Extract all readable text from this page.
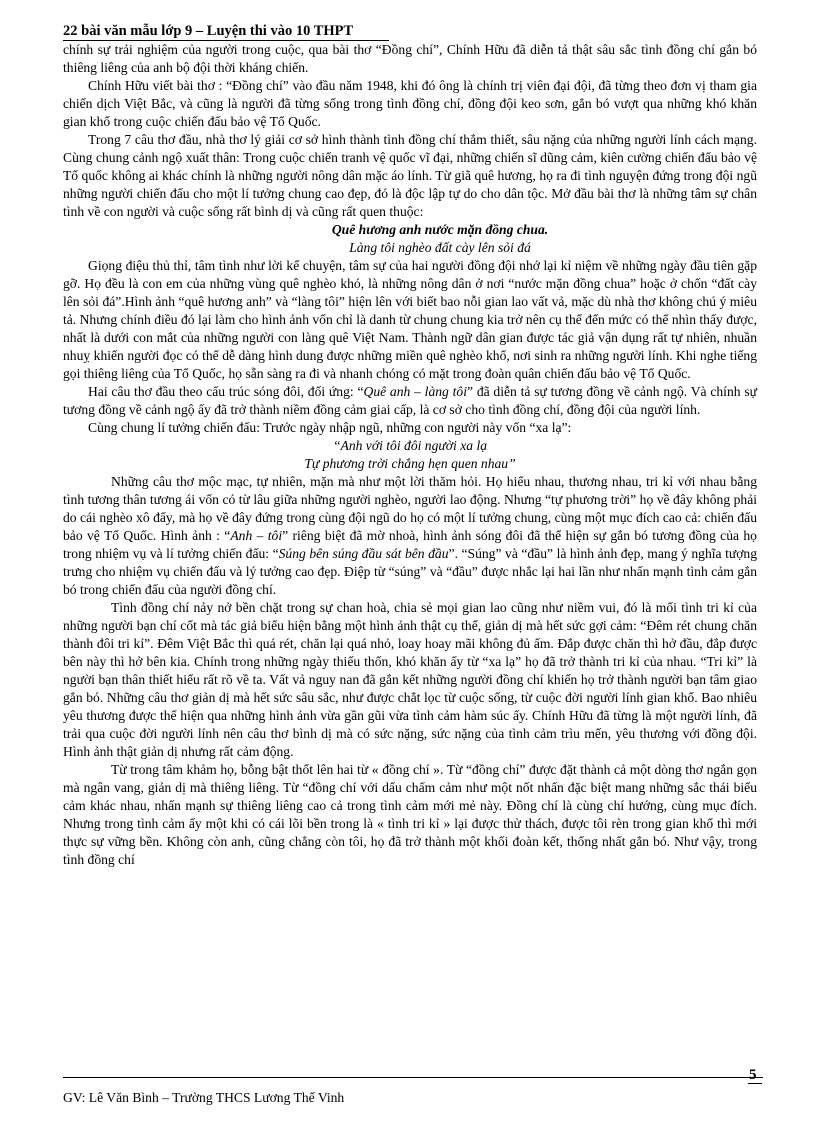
22 bài văn mẫu lớp 9 – Luyện thi vào 10 THPT

chính sự trải nghiệm của người trong cuộc, qua bài thơ “Đồng chí”, Chính Hữu đã diễn tả thật sâu sắc tình đồng chí gắn bó thiêng liêng của anh bộ đội thời kháng chiến.

Chính Hữu viết bài thơ : “Đồng chí” vào đầu năm 1948, khi đó ông là chính trị viên đại đội, đã từng theo đơn vị tham gia chiến dịch Việt Bắc, và cũng là người đã từng sống trong tình đồng chí, đồng đội keo sơn, gắn bó vượt qua những khó khăn gian khổ trong cuộc chiến đấu bảo vệ Tổ Quốc.

Trong 7 câu thơ đầu, nhà thơ lý giải cơ sở hình thành tình đồng chí thắm thiết, sâu nặng của những người lính cách mạng. Cùng chung cảnh ngộ xuất thân: Trong cuộc chiến tranh vệ quốc vĩ đại, những chiến sĩ dũng cảm, kiên cường chiến đấu bảo vệ Tổ quốc không ai khác chính là những người nông dân mặc áo lính. Từ giã quê hương, họ ra đi tình nguyện đứng trong đội ngũ những người chiến đấu cho một lí tưởng chung cao đẹp, đó là độc lập tự do cho dân tộc. Mở đầu bài thơ là những tâm sự chân tình về con người và cuộc sống rất bình dị và cũng rất quen thuộc:

Quê hương anh nước mặn đồng chua.

Làng tôi nghèo đất cày lên sỏi đá

Giọng điệu thủ thỉ, tâm tình như lời kể chuyện, tâm sự của hai người đồng đội nhớ lại kỉ niệm về những ngày đầu tiên gặp gỡ. Họ đều là con em của những vùng quê nghèo khó, là những nông dân ở nơi “nước mặn đồng chua” hoặc ở chốn “đất cày lên sỏi đá”.Hình ảnh “quê hương anh” và “làng tôi” hiện lên với biết bao nỗi gian lao vất vả, mặc dù nhà thơ không chú ý miêu tả. Nhưng chính điều đó lại làm cho hình ảnh vốn chỉ là danh từ chung chung kia trở nên cụ thể đến mức có thể nhìn thấy được, nhất là dưới con mắt của những người con làng quê Việt Nam. Thành ngữ dân gian được tác giả vận dụng rất tự nhiên, nhuần nhuỵ khiến người đọc có thể dễ dàng hình dung được những miền quê nghèo khổ, nơi sinh ra những người lính. Khi nghe tiếng gọi thiêng liêng của Tổ Quốc, họ sẵn sàng ra đi và nhanh chóng có mặt trong đoàn quân chiến đấu bảo vệ Tổ Quốc.

Hai câu thơ đầu theo cấu trúc sóng đôi, đối ứng: “Quê anh – làng tôi” đã diễn tả sự tương đồng về cảnh ngộ. Và chính sự tương đồng về cảnh ngộ ấy đã trở thành niềm đồng cảm giai cấp, là cơ sở cho tình đồng chí, đồng đội của người lính.

Cùng chung lí tưởng chiến đấu: Trước ngày nhập ngũ, những con người này vốn “xa lạ”:

“Anh với tôi đôi người xa lạ

Tự phương trời chẳng hẹn quen nhau”

Những câu thơ mộc mạc, tự nhiên, mặn mà như một lời thăm hỏi. Họ hiểu nhau, thương nhau, tri kỉ với nhau bằng tình tương thân tương ái vốn có từ lâu giữa những người nghèo, người lao động. Nhưng “tự phương trời” họ về đây không phải do cái nghèo xô đẩy, mà họ về đây đứng trong cùng đội ngũ do họ có một lí tưởng chung, cùng một mục đích cao cả: chiến đấu bảo vệ Tổ Quốc. Hình ảnh : “Anh – tôi” riêng biệt đã mờ nhoà, hình ảnh sóng đôi đã thể hiện sự gắn bó tương đồng của họ trong nhiệm vụ và lí tưởng chiến đấu: “Súng bên súng đầu sát bên đầu”. “Súng” và “đầu” là hình ảnh đẹp, mang ý nghĩa tượng trưng cho nhiệm vụ chiến đấu và lý tưởng cao đẹp. Điệp từ “súng” và “đầu” được nhắc lại hai lần như nhấn mạnh tình cảm gắn bó trong chiến đấu của người đồng chí.

Tình đồng chí nảy nở bền chặt trong sự chan hoà, chia sẻ mọi gian lao cũng như niềm vui, đó là mối tình tri kỉ của những người bạn chí cốt mà tác giả biểu hiện bằng một hình ảnh thật cụ thể, giản dị mà hết sức gợi cảm: “Đêm rét chung chăn thành đôi tri kỉ”. Đêm Việt Bắc thì quá rét, chăn lại quá nhỏ, loay hoay mãi không đủ ấm. Đắp được chăn thì hở đầu, đắp được bên này thì hở bên kia. Chính trong những ngày thiếu thốn, khó khăn ấy từ “xa lạ” họ đã trở thành tri kỉ của nhau. “Tri kỉ” là người bạn thân thiết hiểu rất rõ về ta. Vất vả nguy nan đã gắn kết những người đồng chí khiến họ trở thành người bạn tâm giao gắn bó. Những câu thơ giản dị mà hết sức sâu sắc, như được chắt lọc từ cuộc sống, từ cuộc đời người lính gian khổ. Bao nhiêu yêu thương được thể hiện qua những hình ảnh vừa gần gũi vừa tình cảm hàm súc ấy. Chính Hữu đã từng là một người lính, đã trải qua cuộc đời người lính nên câu thơ bình dị mà có sức nặng, sức nặng của tình cảm trìu mến, yêu thương với đồng đội. Hình ảnh thật giản dị nhưng rất cảm động.

Từ trong tâm khảm họ, bỗng bật thốt lên hai từ « đồng chí ». Từ “đồng chí” được đặt thành cả một dòng thơ ngắn gọn mà ngân vang, giản dị mà thiêng liêng. Từ “đồng chí với dấu chấm cảm như một nốt nhấn đặc biệt mang những sắc thái biểu cảm khác nhau, nhấn mạnh sự thiêng liêng cao cả trong tình cảm mới mẻ này. Đồng chí là cùng chí hướng, cùng mục đích. Nhưng trong tình cảm ấy một khi có cái lõi bền trong là « tình tri kỉ » lại được thử thách, được tôi rèn trong gian khổ thì mới thực sự vững bền. Không còn anh, cũng chẳng còn tôi, họ đã trở thành một khối đoàn kết, thống nhất gắn bó. Như vậy, trong tình đồng chí

5
GV: Lê Văn Bình – Trường THCS Lương Thế Vinh
